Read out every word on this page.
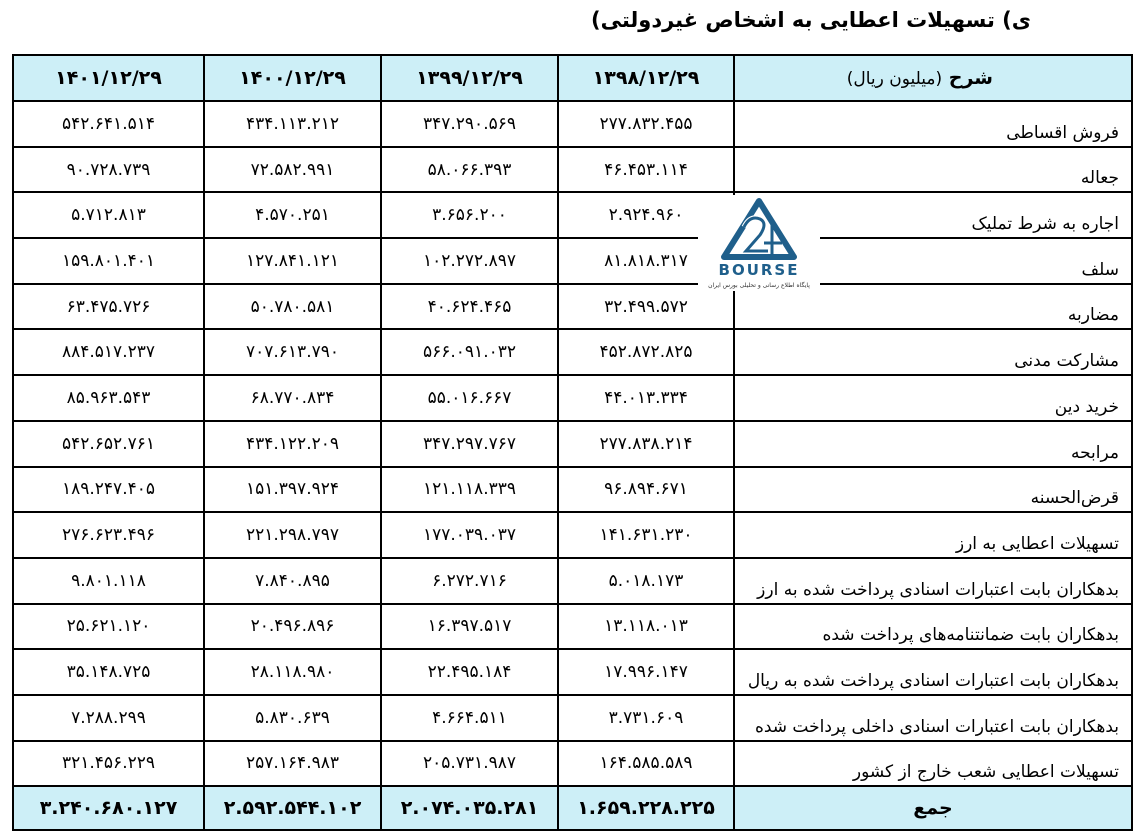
ی) تسهیلات اعطایی به اشخاص غیردولتی)
شرح (میلیون ریال)	۱۳۹۸/۱۲/۲۹	۱۳۹۹/۱۲/۲۹	۱۴۰۰/۱۲/۲۹	۱۴۰۱/۱۲/۲۹
فروش اقساطی	۲۷۷.۸۳۲.۴۵۵	۳۴۷.۲۹۰.۵۶۹	۴۳۴.۱۱۳.۲۱۲	۵۴۲.۶۴۱.۵۱۴
جعاله	۴۶.۴۵۳.۱۱۴	۵۸.۰۶۶.۳۹۳	۷۲.۵۸۲.۹۹۱	۹۰.۷۲۸.۷۳۹
اجاره به شرط تملیک	۲.۹۲۴.۹۶۰	۳.۶۵۶.۲۰۰	۴.۵۷۰.۲۵۱	۵.۷۱۲.۸۱۳
سلف	۸۱.۸۱۸.۳۱۷	۱۰۲.۲۷۲.۸۹۷	۱۲۷.۸۴۱.۱۲۱	۱۵۹.۸۰۱.۴۰۱
مضاربه	۳۲.۴۹۹.۵۷۲	۴۰.۶۲۴.۴۶۵	۵۰.۷۸۰.۵۸۱	۶۳.۴۷۵.۷۲۶
مشارکت مدنی	۴۵۲.۸۷۲.۸۲۵	۵۶۶.۰۹۱.۰۳۲	۷۰۷.۶۱۳.۷۹۰	۸۸۴.۵۱۷.۲۳۷
خرید دین	۴۴.۰۱۳.۳۳۴	۵۵.۰۱۶.۶۶۷	۶۸.۷۷۰.۸۳۴	۸۵.۹۶۳.۵۴۳
مرابحه	۲۷۷.۸۳۸.۲۱۴	۳۴۷.۲۹۷.۷۶۷	۴۳۴.۱۲۲.۲۰۹	۵۴۲.۶۵۲.۷۶۱
قرض‌الحسنه	۹۶.۸۹۴.۶۷۱	۱۲۱.۱۱۸.۳۳۹	۱۵۱.۳۹۷.۹۲۴	۱۸۹.۲۴۷.۴۰۵
تسهیلات اعطایی به ارز	۱۴۱.۶۳۱.۲۳۰	۱۷۷.۰۳۹.۰۳۷	۲۲۱.۲۹۸.۷۹۷	۲۷۶.۶۲۳.۴۹۶
بدهکاران بابت اعتبارات اسنادی پرداخت شده به ارز	۵.۰۱۸.۱۷۳	۶.۲۷۲.۷۱۶	۷.۸۴۰.۸۹۵	۹.۸۰۱.۱۱۸
بدهکاران بابت ضمانتنامه‌های پرداخت شده	۱۳.۱۱۸.۰۱۳	۱۶.۳۹۷.۵۱۷	۲۰.۴۹۶.۸۹۶	۲۵.۶۲۱.۱۲۰
بدهکاران بابت اعتبارات اسنادی پرداخت شده به ریال	۱۷.۹۹۶.۱۴۷	۲۲.۴۹۵.۱۸۴	۲۸.۱۱۸.۹۸۰	۳۵.۱۴۸.۷۲۵
بدهکاران بابت اعتبارات اسنادی داخلی پرداخت شده	۳.۷۳۱.۶۰۹	۴.۶۶۴.۵۱۱	۵.۸۳۰.۶۳۹	۷.۲۸۸.۲۹۹
تسهیلات اعطایی شعب خارج از کشور	۱۶۴.۵۸۵.۵۸۹	۲۰۵.۷۳۱.۹۸۷	۲۵۷.۱۶۴.۹۸۳	۳۲۱.۴۵۶.۲۲۹
جمع	۱.۶۵۹.۲۲۸.۲۲۵	۲.۰۷۴.۰۳۵.۲۸۱	۲.۵۹۲.۵۴۴.۱۰۲	۳.۲۴۰.۶۸۰.۱۲۷
BOURSE
پایگاه اطلاع رسانی و تحلیلی بورس ایران
